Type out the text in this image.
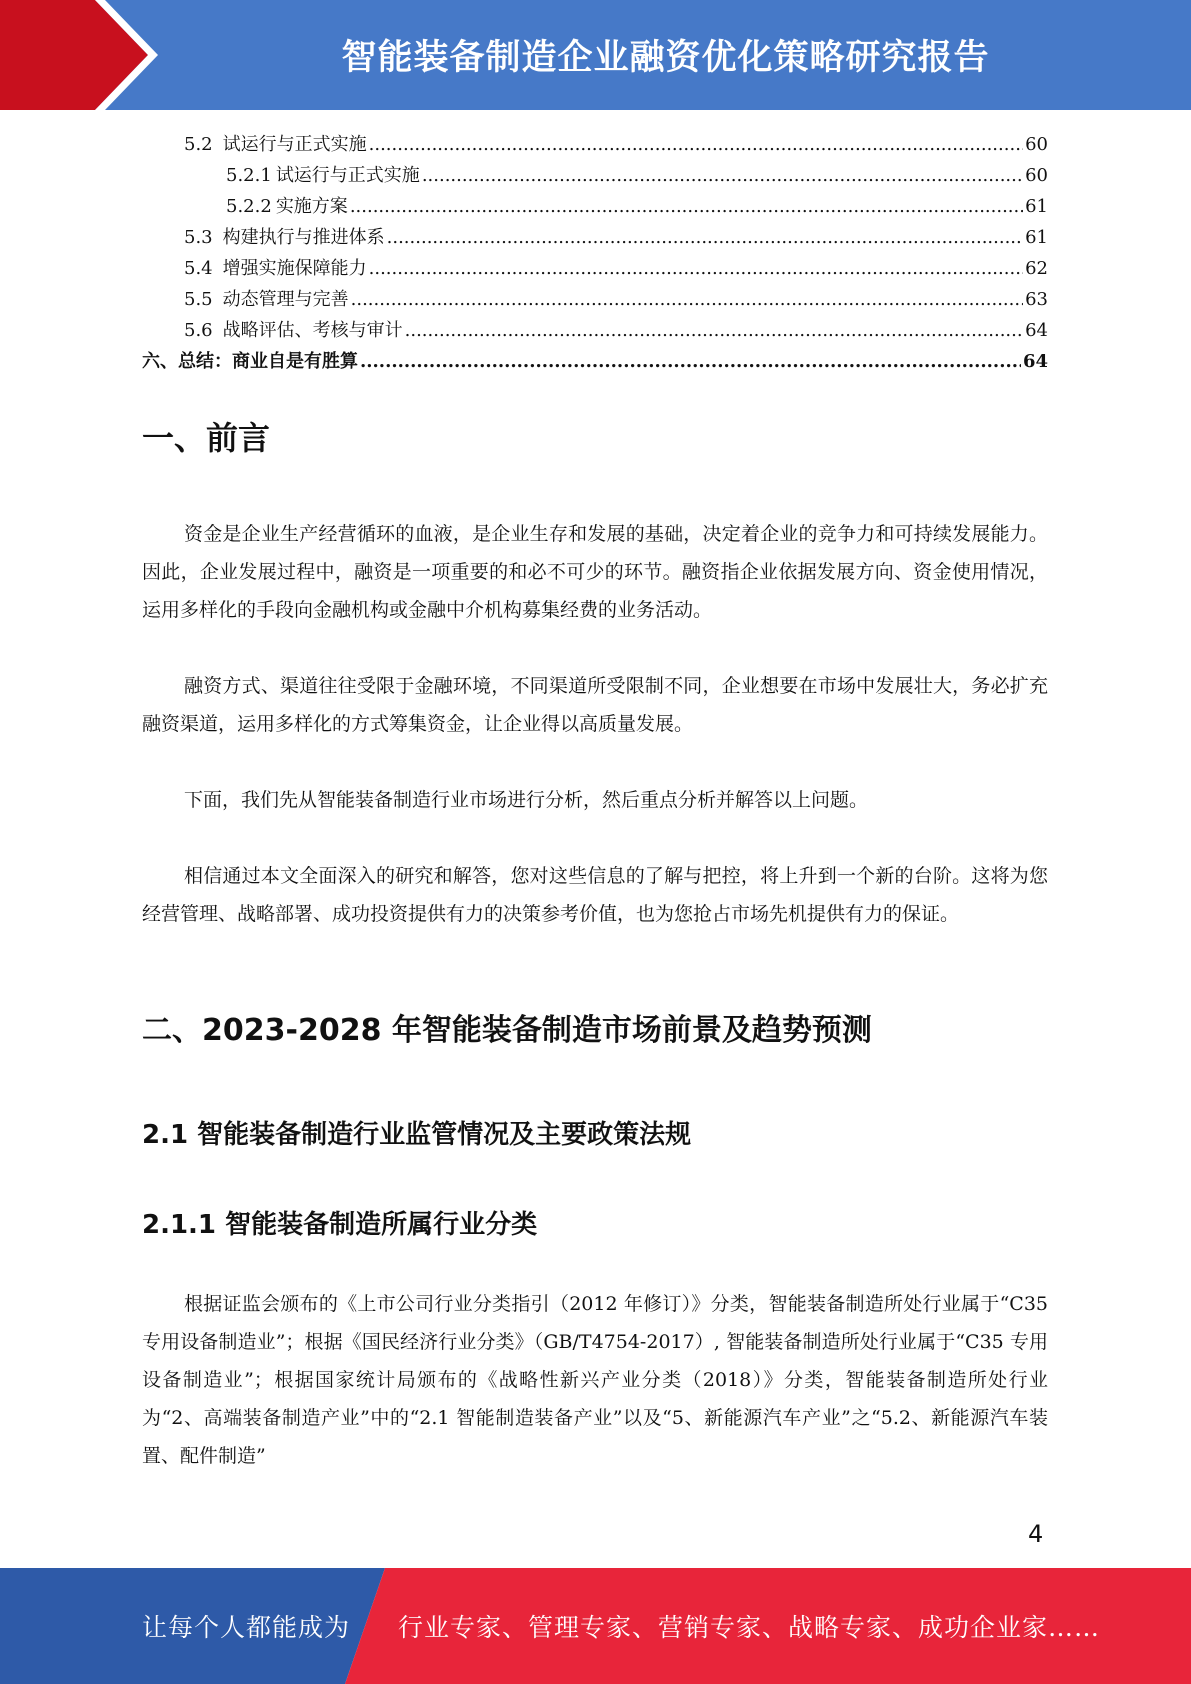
智能装备制造企业融资优化策略研究报告
5.2 试运行与正式实施 .....	60
5.2.1 试运行与正式实施 .....	60
5.2.2 实施方案 .....	61
5.3 构建执行与推进体系 .....	61
5.4 增强实施保障能力 .....	62
5.5 动态管理与完善 .....	63
5.6 战略评估、考核与审计 .....	64
六、总结：商业自是有胜算 .....	64
一、前言

资金是企业生产经营循环的血液，是企业生存和发展的基础，决定着企业的竞争力和可持续发展能力。因此，企业发展过程中，融资是一项重要的和必不可少的环节。融资指企业依据发展方向、资金使用情况，运用多样化的手段向金融机构或金融中介机构募集经费的业务活动。

融资方式、渠道往往受限于金融环境，不同渠道所受限制不同，企业想要在市场中发展壮大，务必扩充融资渠道，运用多样化的方式筹集资金，让企业得以高质量发展。

下面，我们先从智能装备制造行业市场进行分析，然后重点分析并解答以上问题。

相信通过本文全面深入的研究和解答，您对这些信息的了解与把控，将上升到一个新的台阶。这将为您经营管理、战略部署、成功投资提供有力的决策参考价值，也为您抢占市场先机提供有力的保证。

二、2023-2028 年智能装备制造市场前景及趋势预测
2.1 智能装备制造行业监管情况及主要政策法规
2.1.1 智能装备制造所属行业分类

根据证监会颁布的《上市公司行业分类指引（2012 年修订）》分类，智能装备制造所处行业属于“C35 专用设备制造业”；根据《国民经济行业分类》（GB/T4754-2017）, 智能装备制造所处行业属于“C35 专用设备制造业”；根据国家统计局颁布的《战略性新兴产业分类（2018）》分类，智能装备制造所处行业为“2、高端装备制造产业”中的“2.1 智能制造装备产业”以及“5、新能源汽车产业”之“5.2、新能源汽车装置、配件制造”

4
让每个人都能成为 行业专家、管理专家、营销专家、战略专家、成功企业家……
